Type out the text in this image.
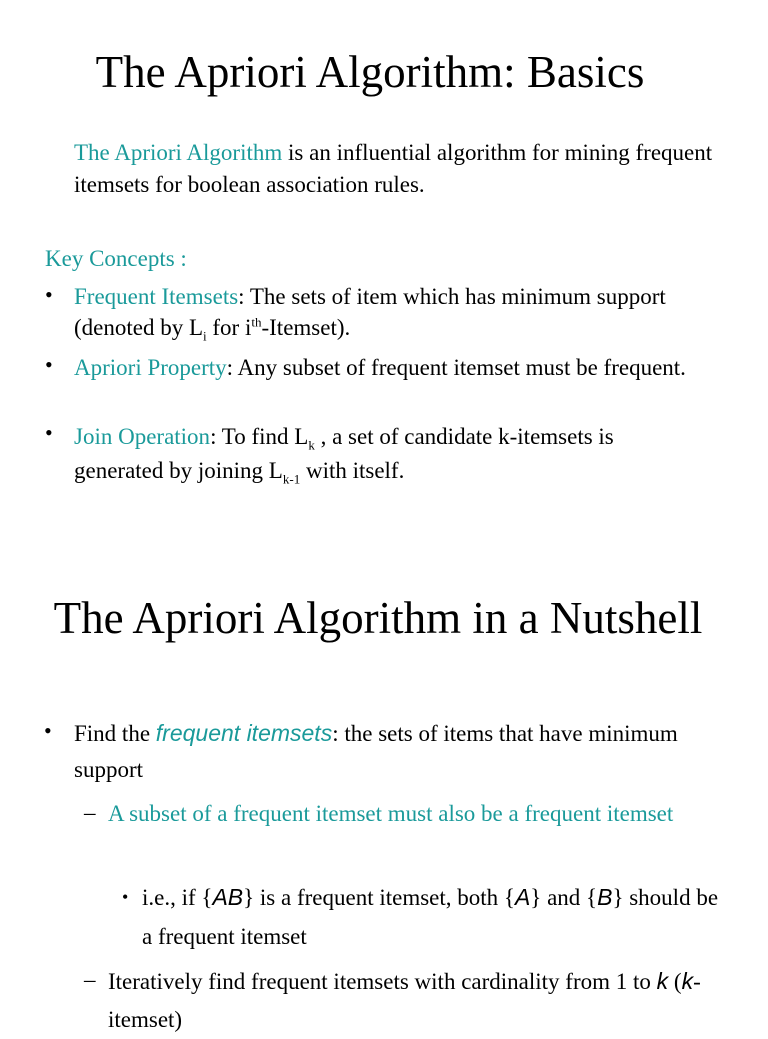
The Apriori Algorithm: Basics

The Apriori Algorithm is an influential algorithm for mining frequent itemsets for boolean association rules.

Key Concepts :

• Frequent Itemsets: The sets of item which has minimum support (denoted by $L_i$ for $i^{th}-Itemset$).
• Apriori Property: Any subset of frequent itemset must be frequent.
• Join Operation: To find $L_k$ , a set of candidate k-itemsets is generated by joining $L_{k-1}$ with itself.
The Apriori Algorithm in a Nutshell
• Find the frequent itemsets: the sets of items that have minimum support
– A subset of a frequent itemset must also be a frequent itemset
• i.e., if {AB} is a frequent itemset, both {A} and {B} should be a frequent itemset
– Iteratively find frequent itemsets with cardinality from 1 to k (k-itemset)
